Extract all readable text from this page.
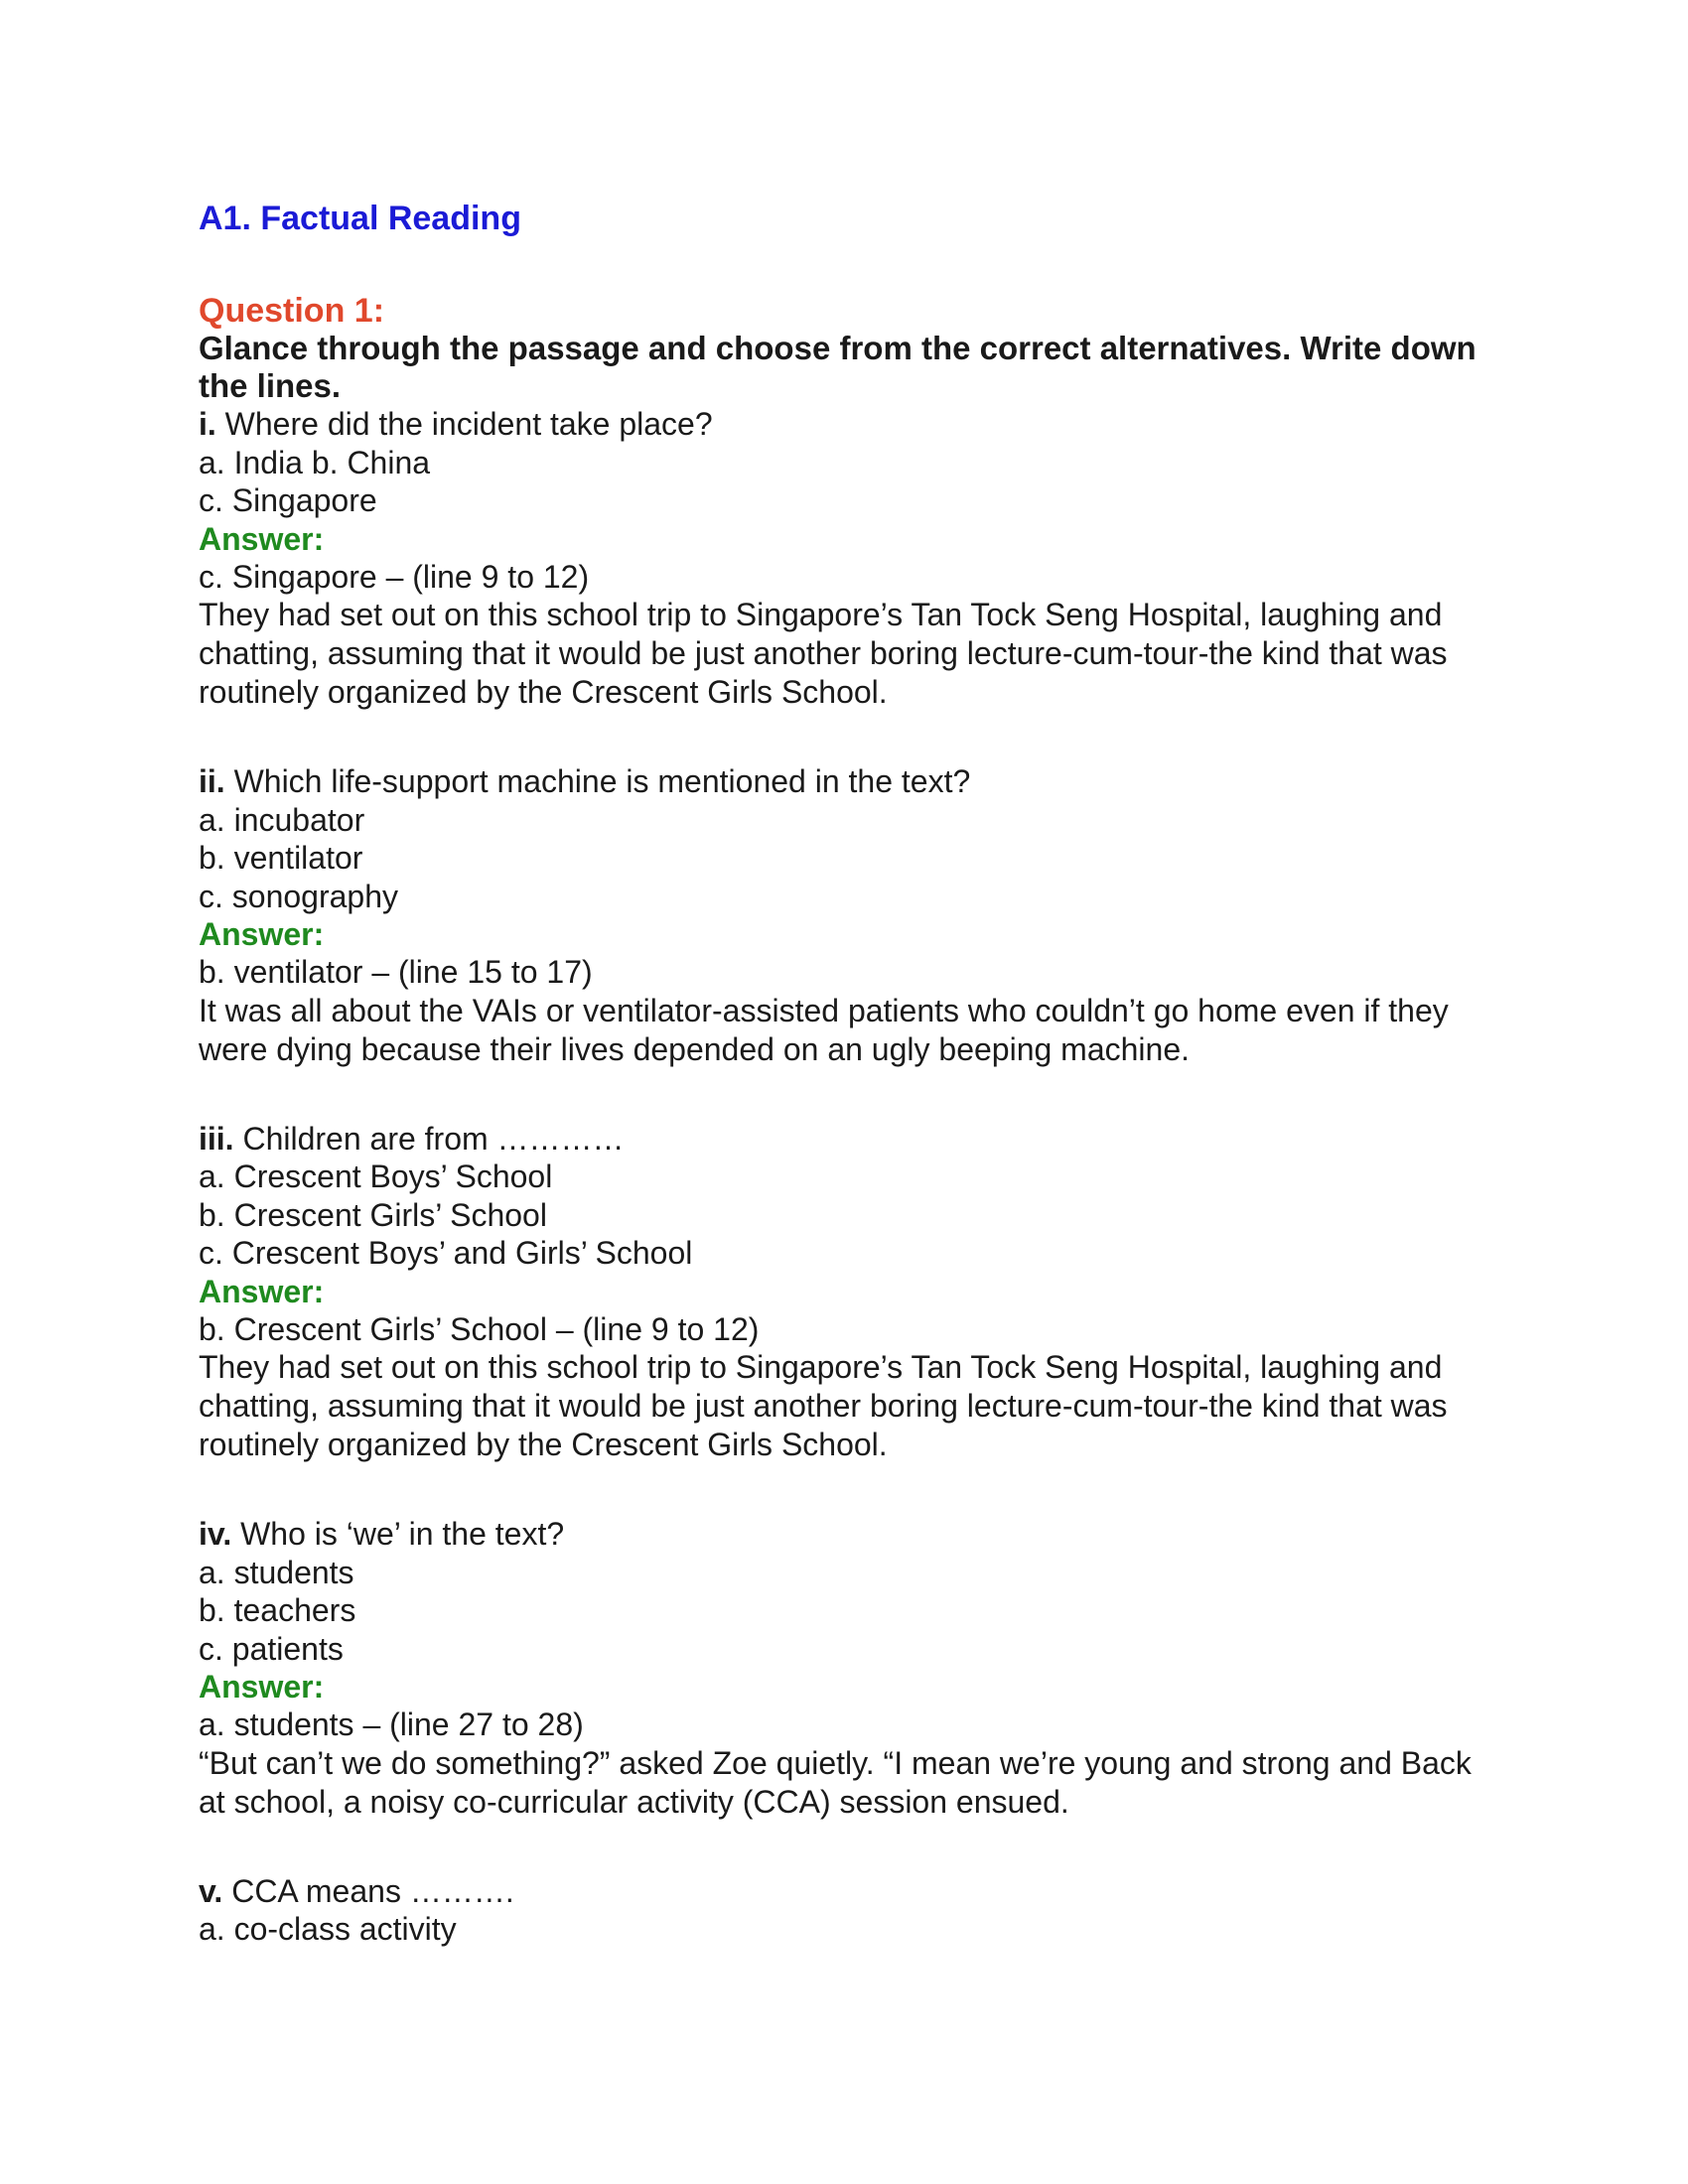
A1. Factual Reading

Question 1:

Glance through the passage and choose from the correct alternatives. Write down the lines.

i. Where did the incident take place?

a. India b. China

c. Singapore

Answer:

c. Singapore – (line 9 to 12)

They had set out on this school trip to Singapore’s Tan Tock Seng Hospital, laughing and chatting, assuming that it would be just another boring lecture-cum-tour-the kind that was routinely organized by the Crescent Girls School.

ii. Which life-support machine is mentioned in the text?

a. incubator

b. ventilator

c. sonography

Answer:

b. ventilator – (line 15 to 17)

It was all about the VAIs or ventilator-assisted patients who couldn’t go home even if they were dying because their lives depended on an ugly beeping machine.

iii. Children are from …………

a. Crescent Boys’ School

b. Crescent Girls’ School

c. Crescent Boys’ and Girls’ School

Answer:

b. Crescent Girls’ School – (line 9 to 12)

They had set out on this school trip to Singapore’s Tan Tock Seng Hospital, laughing and chatting, assuming that it would be just another boring lecture-cum-tour-the kind that was routinely organized by the Crescent Girls School.

iv. Who is ‘we’ in the text?

a. students

b. teachers

c. patients

Answer:

a. students – (line 27 to 28)

“But can’t we do something?” asked Zoe quietly. “I mean we’re young and strong and Back at school, a noisy co-curricular activity (CCA) session ensued.

v. CCA means ……….

a. co-class activity
